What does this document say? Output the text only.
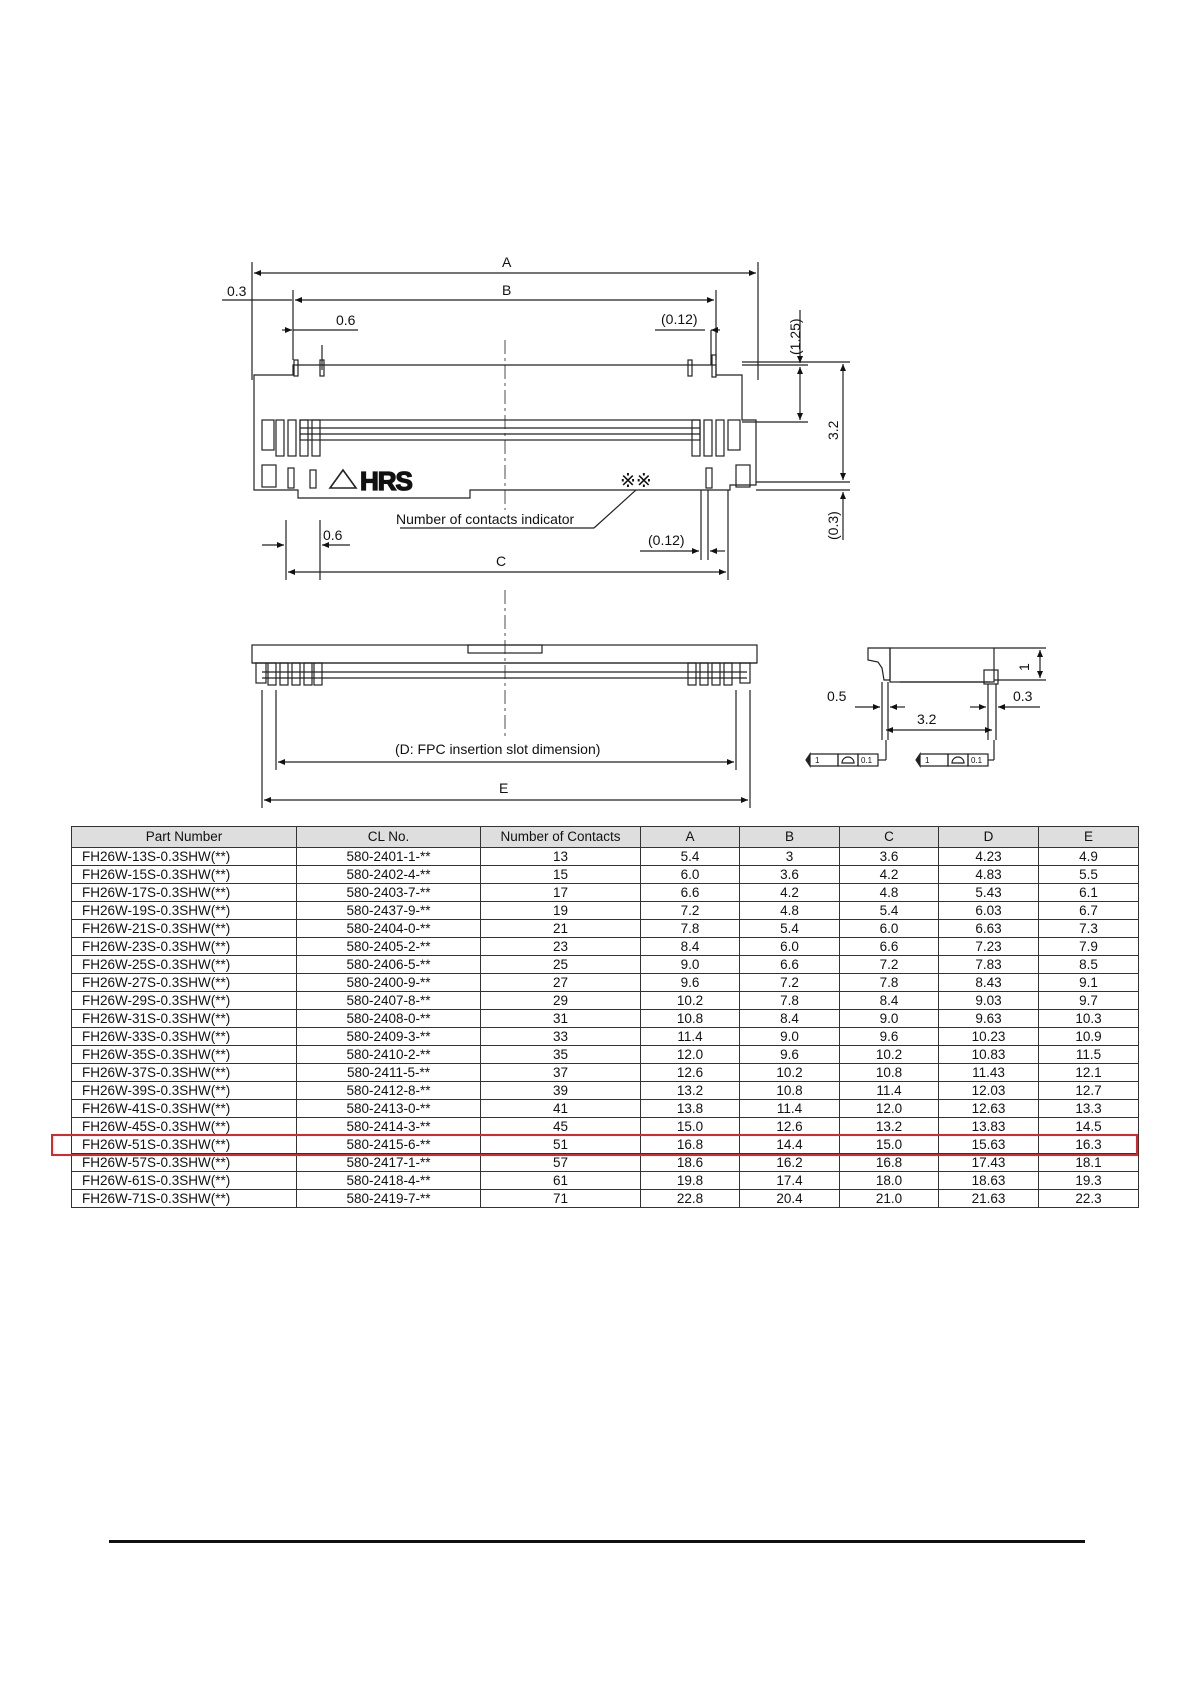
A
B
0.3
0.6	(0.12)	(1.25)
3.2
(0.3)
0.6	(0.12)
C
Number of contacts indicator
※※
HRS
(D: FPC insertion slot dimension)
E
1
0.5	0.3
3.2
1	0.1	1	0.1
Part Number	CL No.	Number of Contacts	A	B	C	D	E
FH26W-13S-0.3SHW(**)	580-2401-1-**	13	5.4	3	3.6	4.23	4.9
FH26W-15S-0.3SHW(**)	580-2402-4-**	15	6.0	3.6	4.2	4.83	5.5
FH26W-17S-0.3SHW(**)	580-2403-7-**	17	6.6	4.2	4.8	5.43	6.1
FH26W-19S-0.3SHW(**)	580-2437-9-**	19	7.2	4.8	5.4	6.03	6.7
FH26W-21S-0.3SHW(**)	580-2404-0-**	21	7.8	5.4	6.0	6.63	7.3
FH26W-23S-0.3SHW(**)	580-2405-2-**	23	8.4	6.0	6.6	7.23	7.9
FH26W-25S-0.3SHW(**)	580-2406-5-**	25	9.0	6.6	7.2	7.83	8.5
FH26W-27S-0.3SHW(**)	580-2400-9-**	27	9.6	7.2	7.8	8.43	9.1
FH26W-29S-0.3SHW(**)	580-2407-8-**	29	10.2	7.8	8.4	9.03	9.7
FH26W-31S-0.3SHW(**)	580-2408-0-**	31	10.8	8.4	9.0	9.63	10.3
FH26W-33S-0.3SHW(**)	580-2409-3-**	33	11.4	9.0	9.6	10.23	10.9
FH26W-35S-0.3SHW(**)	580-2410-2-**	35	12.0	9.6	10.2	10.83	11.5
FH26W-37S-0.3SHW(**)	580-2411-5-**	37	12.6	10.2	10.8	11.43	12.1
FH26W-39S-0.3SHW(**)	580-2412-8-**	39	13.2	10.8	11.4	12.03	12.7
FH26W-41S-0.3SHW(**)	580-2413-0-**	41	13.8	11.4	12.0	12.63	13.3
FH26W-45S-0.3SHW(**)	580-2414-3-**	45	15.0	12.6	13.2	13.83	14.5
FH26W-51S-0.3SHW(**)	580-2415-6-**	51	16.8	14.4	15.0	15.63	16.3
FH26W-57S-0.3SHW(**)	580-2417-1-**	57	18.6	16.2	16.8	17.43	18.1
FH26W-61S-0.3SHW(**)	580-2418-4-**	61	19.8	17.4	18.0	18.63	19.3
FH26W-71S-0.3SHW(**)	580-2419-7-**	71	22.8	20.4	21.0	21.63	22.3
